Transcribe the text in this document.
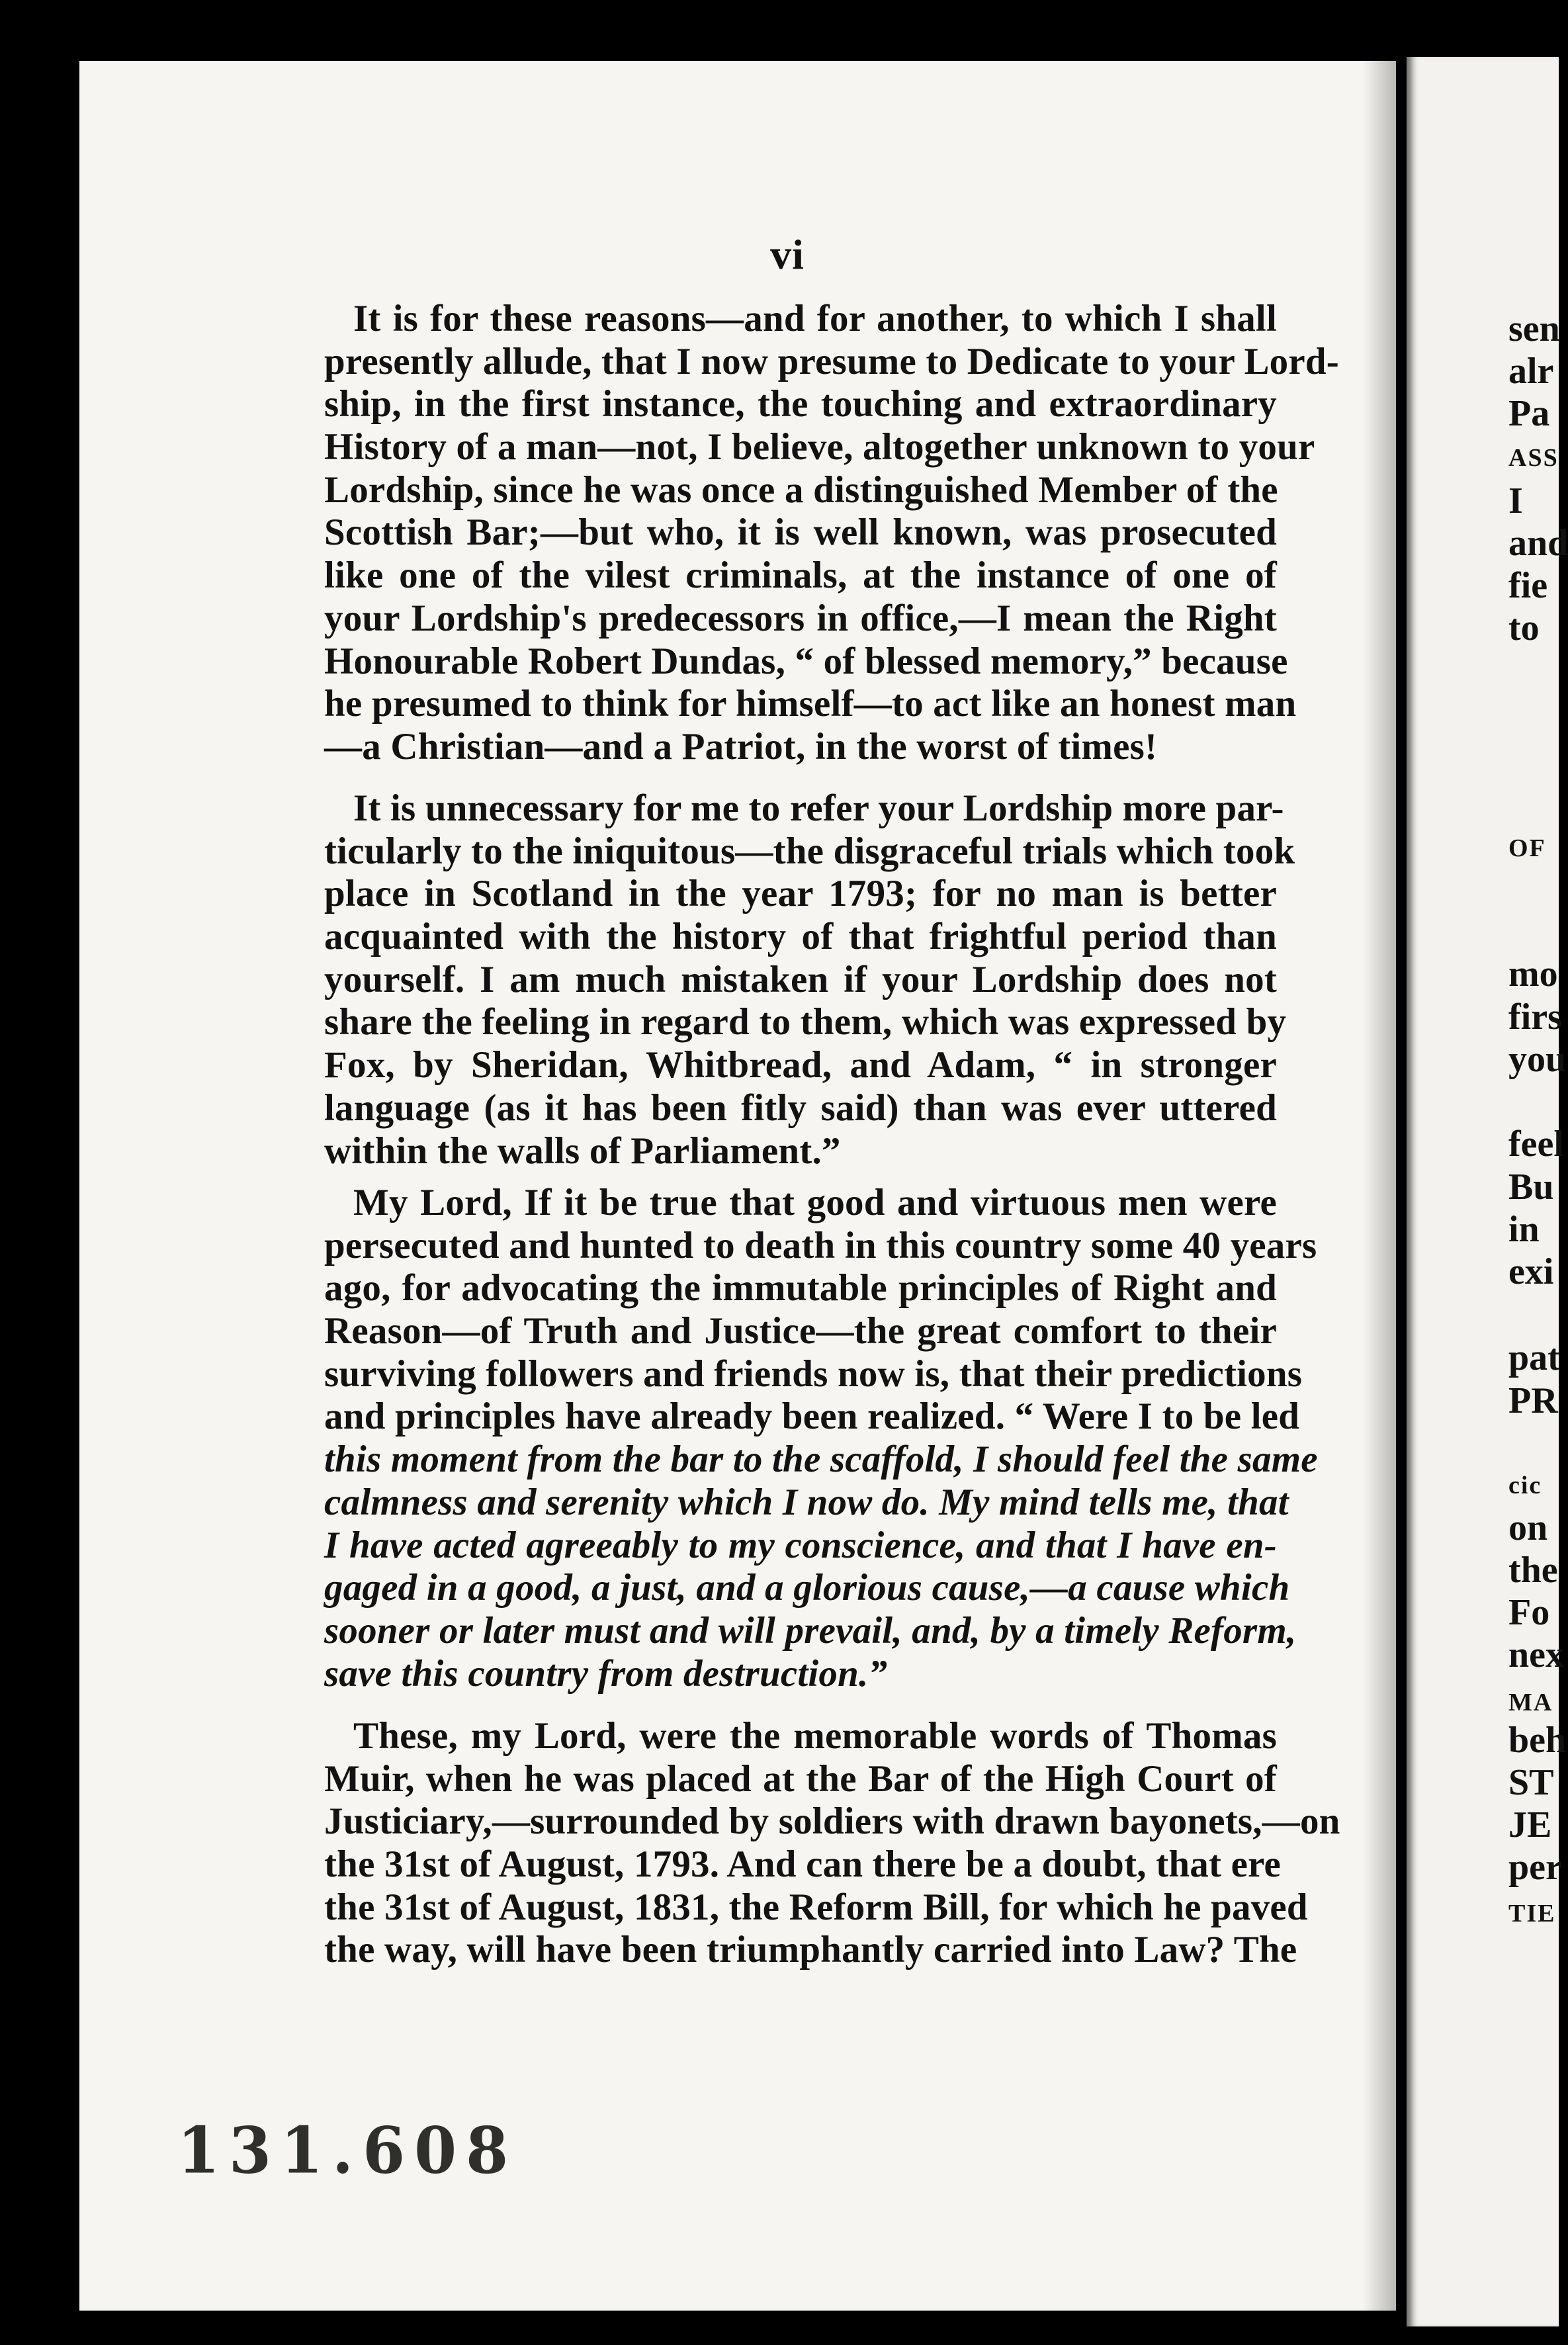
vi
It is for these reasons—and for another, to which I shall
presently allude, that I now presume to Dedicate to your Lord-
ship, in the first instance, the touching and extraordinary
History of a man—not, I believe, altogether unknown to your
Lordship, since he was once a distinguished Member of the
Scottish Bar;—but who, it is well known, was prosecuted
like one of the vilest criminals, at the instance of one of
your Lordship's predecessors in office,—I mean the Right
Honourable Robert Dundas, “ of blessed memory,” because
he presumed to think for himself—to act like an honest man
—a Christian—and a Patriot, in the worst of times!
It is unnecessary for me to refer your Lordship more par-
ticularly to the iniquitous—the disgraceful trials which took
place in Scotland in the year 1793; for no man is better
acquainted with the history of that frightful period than
yourself. I am much mistaken if your Lordship does not
share the feeling in regard to them, which was expressed by
Fox, by Sheridan, Whitbread, and Adam, “ in stronger
language (as it has been fitly said) than was ever uttered
within the walls of Parliament.”
My Lord, If it be true that good and virtuous men were
persecuted and hunted to death in this country some 40 years
ago, for advocating the immutable principles of Right and
Reason—of Truth and Justice—the great comfort to their
surviving followers and friends now is, that their predictions
and principles have already been realized. “ Were I to be led
this moment from the bar to the scaffold, I should feel the same
calmness and serenity which I now do. My mind tells me, that
I have acted agreeably to my conscience, and that I have en-
gaged in a good, a just, and a glorious cause,—a cause which
sooner or later must and will prevail, and, by a timely Reform,
save this country from destruction.”
These, my Lord, were the memorable words of Thomas
Muir, when he was placed at the Bar of the High Court of
Justiciary,—surrounded by soldiers with drawn bayonets,—on
the 31st of August, 1793. And can there be a doubt, that ere
the 31st of August, 1831, the Reform Bill, for which he paved
the way, will have been triumphantly carried into Law? The
sen
alr
Pa
ASS
I
and
fie
to
OF
mo
firs
you
feel
Bu
in
exi
pat
PR
cic
on
the
Fo
nex
MA
beh
ST
JE
per
TIE
131.608
